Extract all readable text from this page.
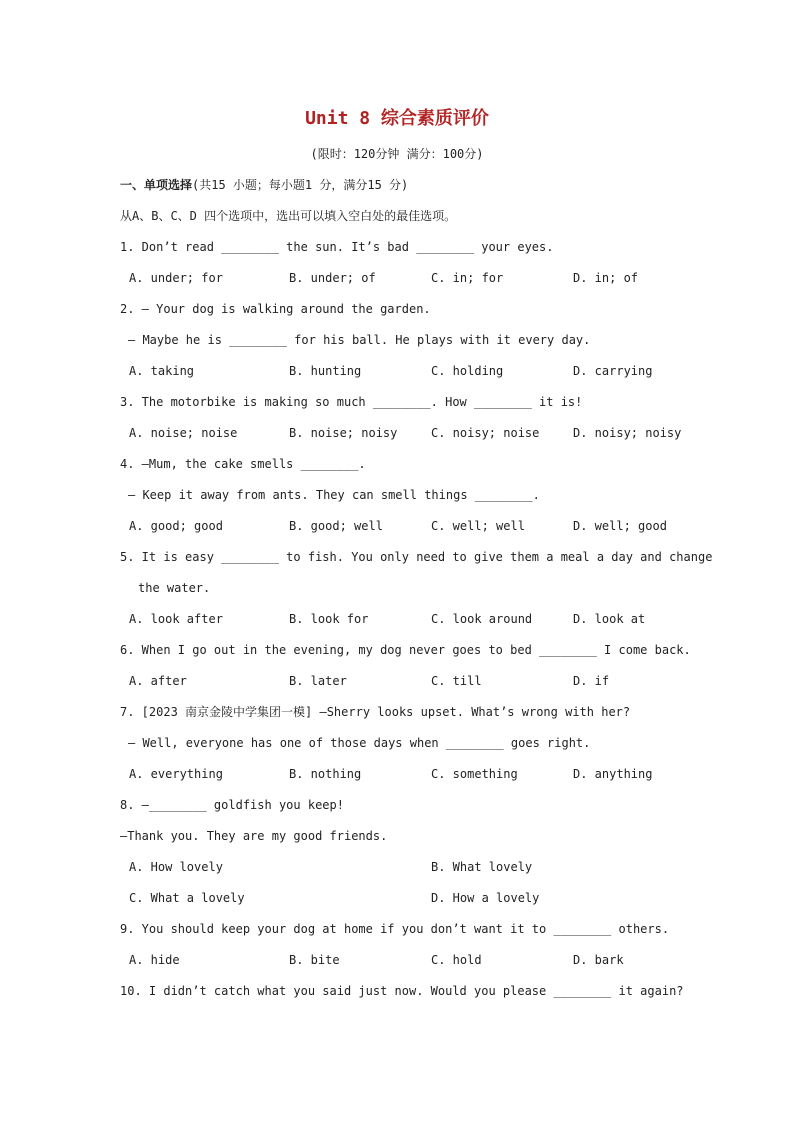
Unit 8 综合素质评价
(限时：120分钟 满分：100分)
一、单项选择(共15 小题；每小题1 分，满分15 分)
从A、B、C、D 四个选项中，选出可以填入空白处的最佳选项。
1. Don’t read ________ the sun. It’s bad ________ your eyes.
A. under; for	B. under; of	C. in; for	D. in; of
2. — Your dog is walking around the garden.
— Maybe he is ________ for his ball. He plays with it every day.
A. taking	B. hunting	C. holding	D. carrying
3. The motorbike is making so much ________. How ________ it is!
A. noise; noise	B. noise; noisy	C. noisy; noise	D. noisy; noisy
4. —Mum, the cake smells ________.
— Keep it away from ants. They can smell things ________.
A. good; good	B. good; well	C. well; well	D. well; good
5. It is easy ________ to fish. You only need to give them a meal a day and change
the water.
A. look after	B. look for	C. look around	D. look at
6. When I go out in the evening, my dog never goes to bed ________ I come back.
A. after	B. later	C. till	D. if
7. [2023 南京金陵中学集团一模] —Sherry looks upset. What’s wrong with her?
— Well, everyone has one of those days when ________ goes right.
A. everything	B. nothing	C. something	D. anything
8. —________ goldfish you keep!
—Thank you. They are my good friends.
A. How lovely	B. What lovely
C. What a lovely	D. How a lovely
9. You should keep your dog at home if you don’t want it to ________ others.
A. hide	B. bite	C. hold	D. bark
10. I didn’t catch what you said just now. Would you please ________ it again?
